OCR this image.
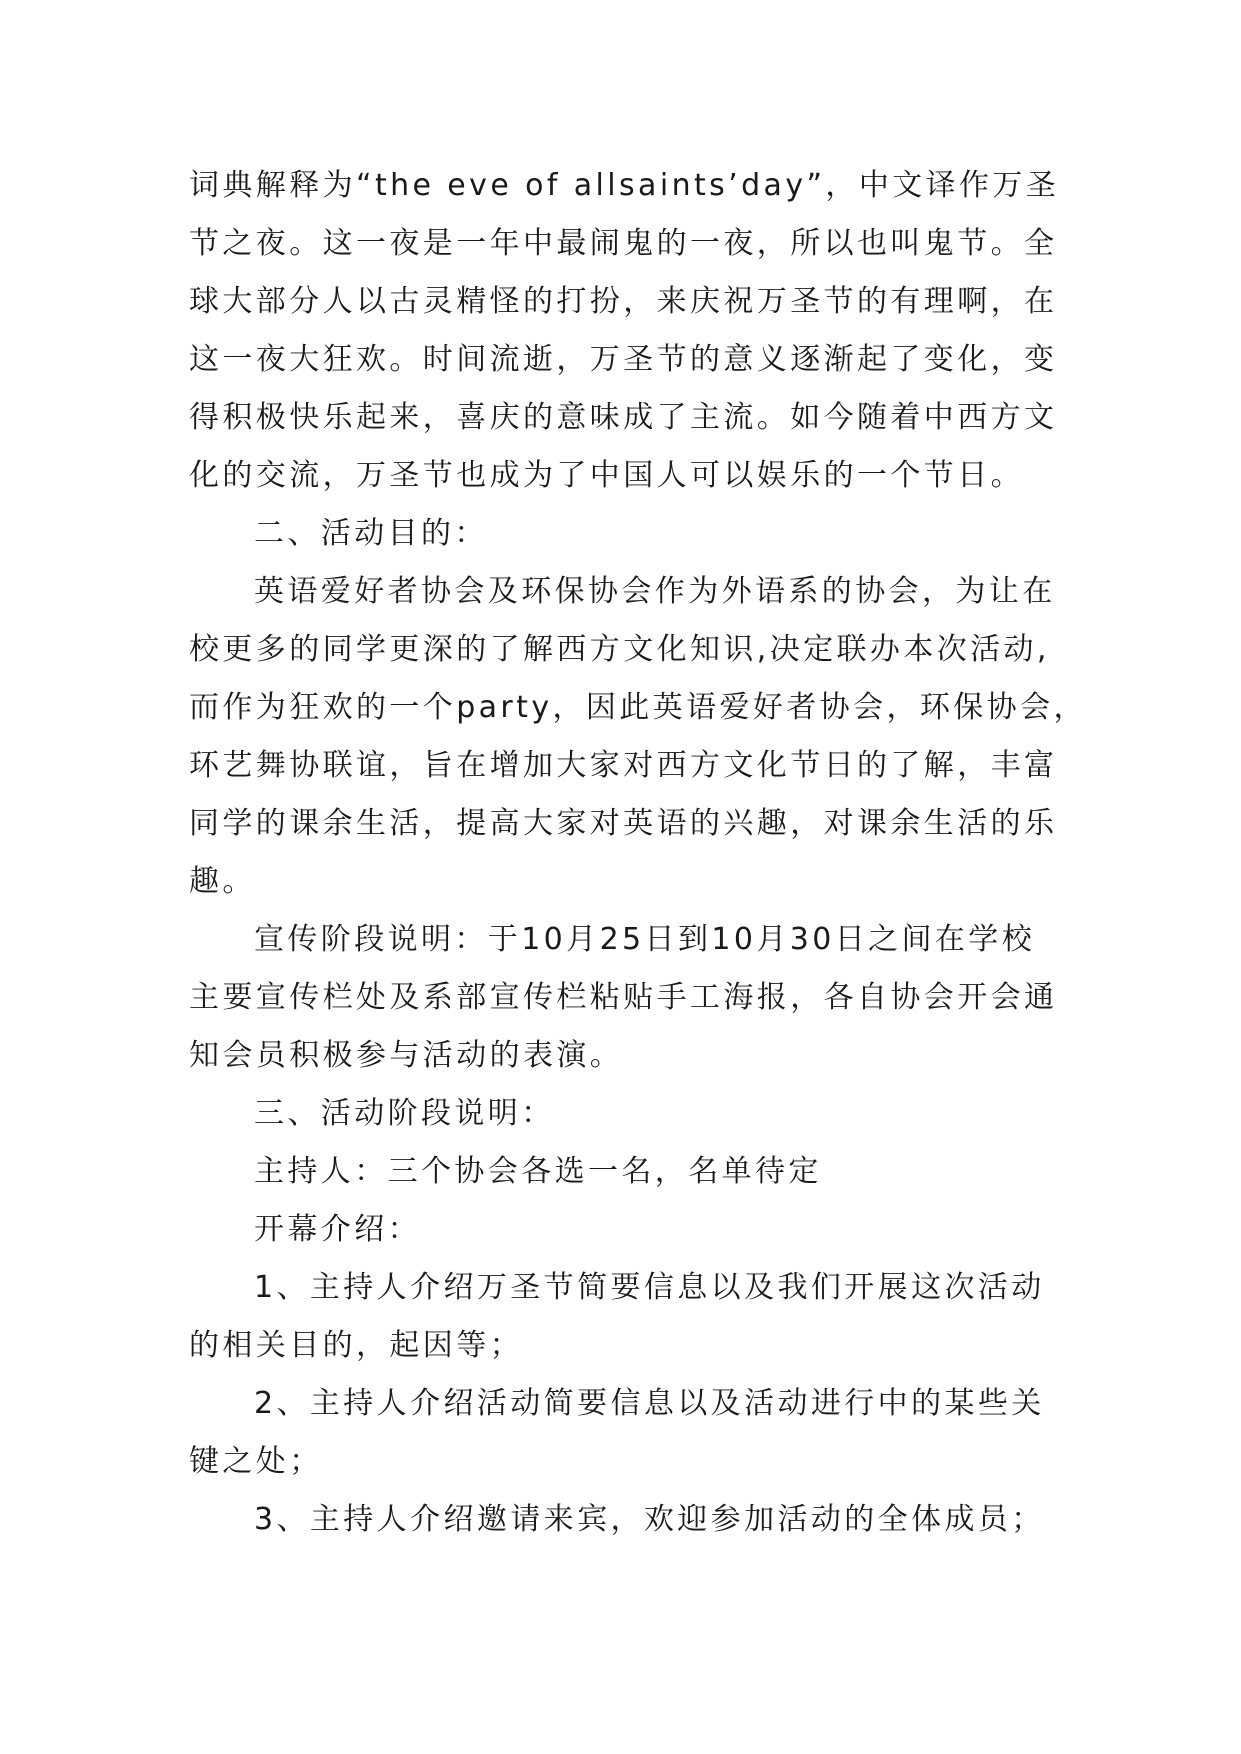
词典解释为“the eve of allsaints’day”，中文译作万圣
节之夜。这一夜是一年中最闹鬼的一夜，所以也叫鬼节。全
球大部分人以古灵精怪的打扮，来庆祝万圣节的有理啊，在
这一夜大狂欢。时间流逝，万圣节的意义逐渐起了变化，变
得积极快乐起来，喜庆的意味成了主流。如今随着中西方文
化的交流，万圣节也成为了中国人可以娱乐的一个节日。
二、活动目的：
英语爱好者协会及环保协会作为外语系的协会，为让在
校更多的同学更深的了解西方文化知识,决定联办本次活动,
而作为狂欢的一个party，因此英语爱好者协会，环保协会，
环艺舞协联谊，旨在增加大家对西方文化节日的了解，丰富
同学的课余生活，提高大家对英语的兴趣，对课余生活的乐
趣。
宣传阶段说明：于10月25日到10月30日之间在学校
主要宣传栏处及系部宣传栏粘贴手工海报，各自协会开会通
知会员积极参与活动的表演。
三、活动阶段说明：
主持人：三个协会各选一名，名单待定
开幕介绍：
1、主持人介绍万圣节简要信息以及我们开展这次活动
的相关目的，起因等；
2、主持人介绍活动简要信息以及活动进行中的某些关
键之处；
3、主持人介绍邀请来宾，欢迎参加活动的全体成员；
